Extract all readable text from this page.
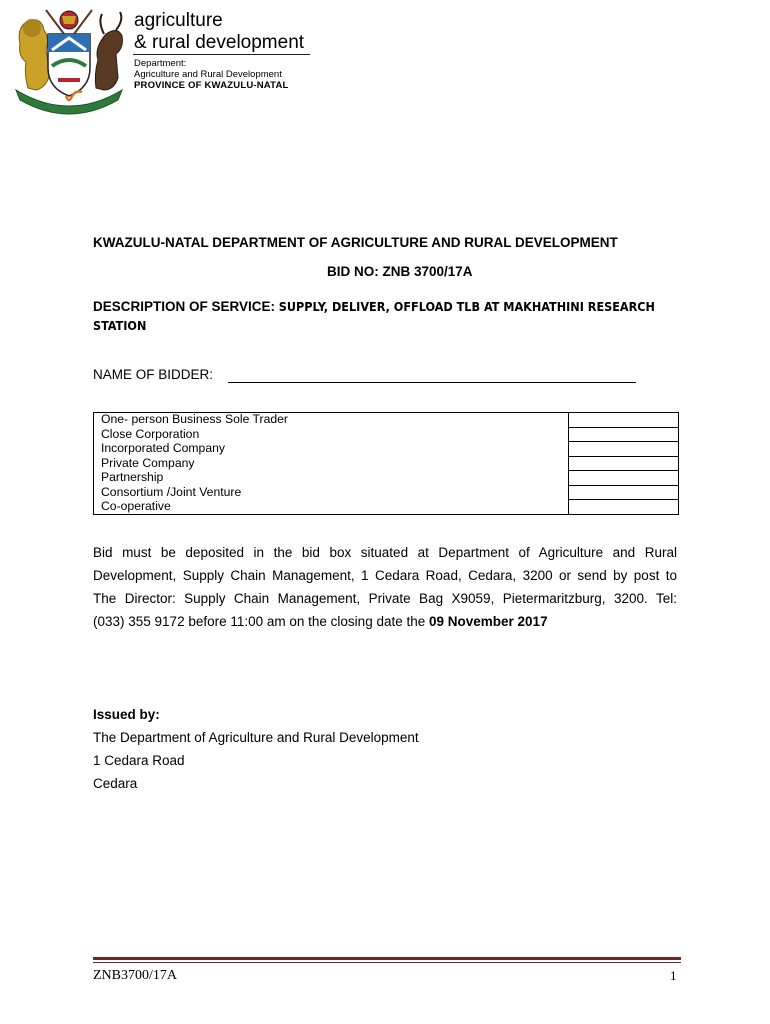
agriculture
& rural development
Department:
Agriculture and Rural Development
PROVINCE OF KWAZULU-NATAL
KWAZULU-NATAL DEPARTMENT OF AGRICULTURE AND RURAL DEVELOPMENT
BID NO: ZNB 3700/17A
DESCRIPTION OF SERVICE: SUPPLY, DELIVER, OFFLOAD TLB AT MAKHATHINI RESEARCH
STATION
NAME OF BIDDER:
One- person Business Sole Trader	
Close Corporation	
Incorporated Company	
Private Company	
Partnership	
Consortium /Joint Venture	
Co-operative	
Bid must be deposited in the bid box situated at Department of Agriculture and Rural
Development, Supply Chain Management, 1 Cedara Road, Cedara, 3200 or send by post to
The Director: Supply Chain Management, Private Bag X9059, Pietermaritzburg, 3200. Tel:
(033) 355 9172 before 11:00 am on the closing date the 09 November 2017
Issued by:
The Department of Agriculture and Rural Development
1 Cedara Road
Cedara
ZNB3700/17A	1
